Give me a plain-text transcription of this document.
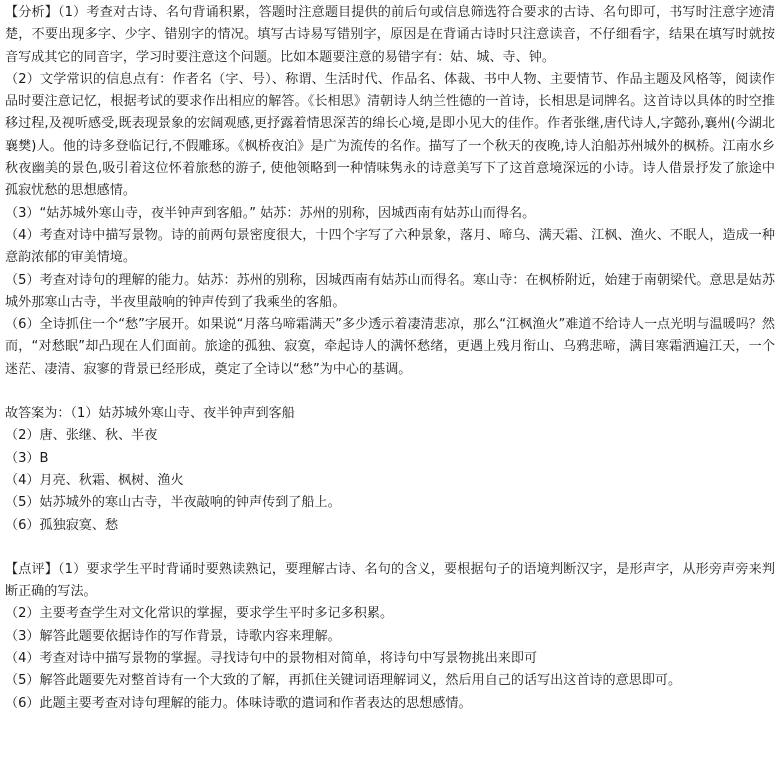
【分析】（1）考查对古诗、名句背诵积累，答题时注意题目提供的前后句或信息筛选符合要求的古诗、名句即可，书写时注意字迹清楚，不要出现多字、少字、错别字的情况。填写古诗易写错别字，原因是在背诵古诗时只注意读音，不仔细看字，结果在填写时就按音写成其它的同音字，学习时要注意这个问题。比如本题要注意的易错字有：姑、城、寺、钟。

（2）文学常识的信息点有：作者名（字、号）、称谓、生活时代、作品名、体裁、书中人物、主要情节、作品主题及风格等，阅读作品时要注意记忆，根据考试的要求作出相应的解答。《长相思》清朝诗人纳兰性德的一首诗，长相思是词牌名。这首诗以具体的时空推移过程,及视听感受,既表现景象的宏阔观感,更抒露着情思深苦的绵长心境,是即小见大的佳作。作者张继,唐代诗人,字懿孙,襄州(今湖北襄樊)人。他的诗多登临记行,不假雕琢。《枫桥夜泊》是广为流传的名作。描写了一个秋天的夜晚,诗人泊船苏州城外的枫桥。江南水乡秋夜幽美的景色,吸引着这位怀着旅愁的游子, 使他领略到一种情味隽永的诗意美写下了这首意境深远的小诗。诗人借景抒发了旅途中孤寂忧愁的思想感情。

（3）“姑苏城外寒山寺，夜半钟声到客船。” 姑苏：苏州的别称，因城西南有姑苏山而得名。

（4）考查对诗中描写景物。诗的前两句景密度很大，十四个字写了六种景象，落月、啼乌、满天霜、江枫、渔火、不眠人，造成一种意韵浓郁的审美情境。

（5）考查对诗句的理解的能力。姑苏：苏州的别称，因城西南有姑苏山而得名。寒山寺：在枫桥附近，始建于南朝梁代。意思是姑苏城外那寒山古寺，半夜里敲响的钟声传到了我乘坐的客船。

（6）全诗抓住一个“愁”字展开。如果说“月落乌啼霜满天”多少透示着凄清悲凉，那么“江枫渔火”难道不给诗人一点光明与温暖吗？然而，“对愁眠”却凸现在人们面前。旅途的孤独、寂寞，牵起诗人的满怀愁绪，更遇上残月衔山、乌鸦悲啼，满目寒霜洒遍江天，一个迷茫、凄清、寂寥的背景已经形成，奠定了全诗以“愁”为中心的基调。

故答案为：（1）姑苏城外寒山寺、夜半钟声到客船

（2）唐、张继、秋、半夜

（3）B

（4）月亮、秋霜、枫树、渔火

（5）姑苏城外的寒山古寺，半夜敲响的钟声传到了船上。

（6）孤独寂寞、愁

【点评】（1）要求学生平时背诵时要熟读熟记，要理解古诗、名句的含义，要根据句子的语境判断汉字，是形声字，从形旁声旁来判断正确的写法。

（2）主要考查学生对文化常识的掌握，要求学生平时多记多积累。

（3）解答此题要依据诗作的写作背景，诗歌内容来理解。

（4）考查对诗中描写景物的掌握。寻找诗句中的景物相对简单，将诗句中写景物挑出来即可

（5）解答此题要先对整首诗有一个大致的了解，再抓住关键词语理解词义，然后用自己的话写出这首诗的意思即可。

（6）此题主要考查对诗句理解的能力。体味诗歌的遣词和作者表达的思想感情。
